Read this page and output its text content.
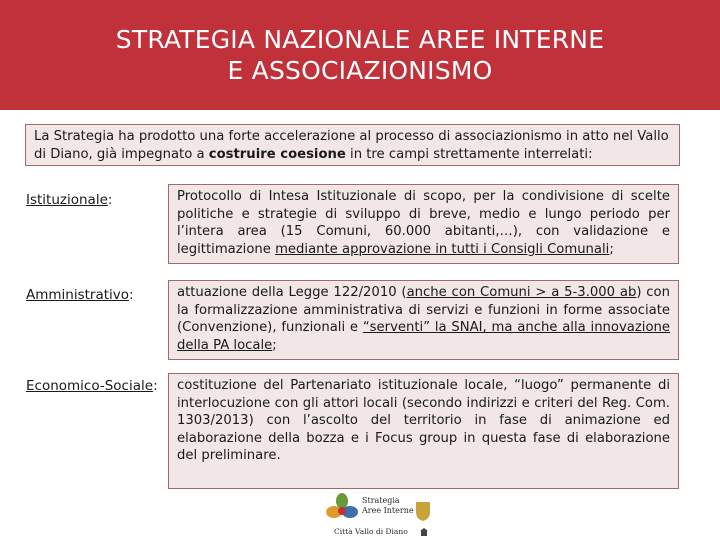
STRATEGIA NAZIONALE AREE INTERNE
E ASSOCIAZIONISMO
La Strategia ha prodotto una forte accelerazione al processo di associazionismo in atto nel Vallo di Diano, già impegnato a costruire coesione in tre campi strettamente interrelati:
Istituzionale:	Protocollo di Intesa Istituzionale di scopo, per la condivisione di scelte politiche e strategie di sviluppo di breve, medio e lungo periodo per l’intera area (15 Comuni, 60.000 abitanti,…), con validazione e legittimazione mediante approvazione in tutti i Consigli Comunali;
Amministrativo:	attuazione della Legge 122/2010 (anche con Comuni > a 5-3.000 ab) con la formalizzazione amministrativa di servizi e funzioni in forme associate (Convenzione), funzionali e “serventi” la SNAI, ma anche alla innovazione della PA locale;
Economico-Sociale:	costituzione del Partenariato istituzionale locale, “luogo” permanente di interlocuzione con gli attori locali (secondo indirizzi e criteri del Reg. Com. 1303/2013) con l’ascolto del territorio in fase di animazione ed elaborazione della bozza e i Focus group in questa fase di elaborazione del preliminare.
Strategia
Aree Interne
Città Vallo di Diano
